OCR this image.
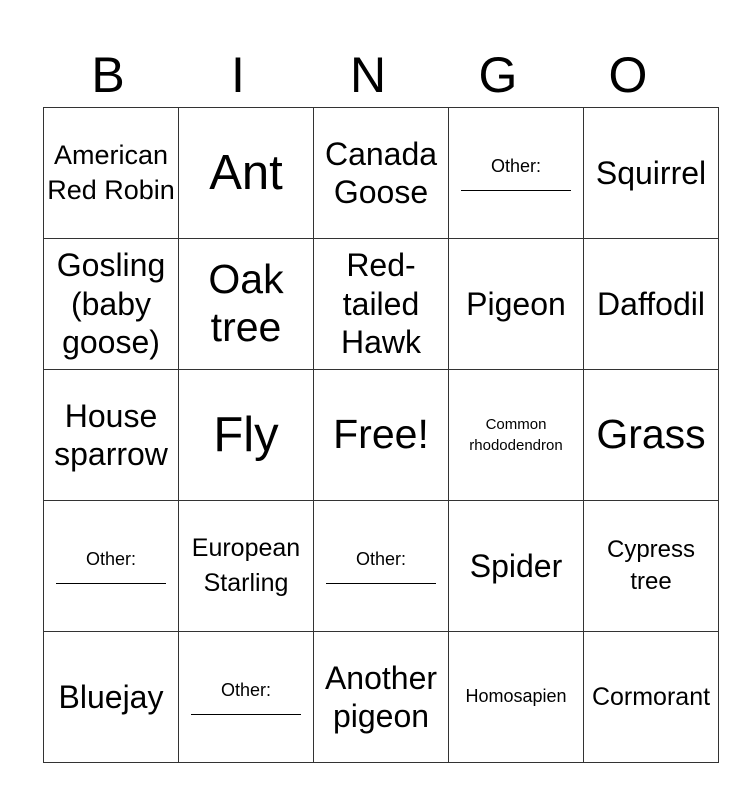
B	I	N	G	O
American Red Robin	Ant	Canada Goose	Other:	Squirrel

Gosling (baby goose)	Oak tree	Red-tailed Hawk	Pigeon	Daffodil

House sparrow	Fly	Free!	Common rhododendron	Grass

Other:	European Starling	Other:	Spider	Cypress tree

Bluejay	Other:	Another pigeon	Homosapien	Cormorant
